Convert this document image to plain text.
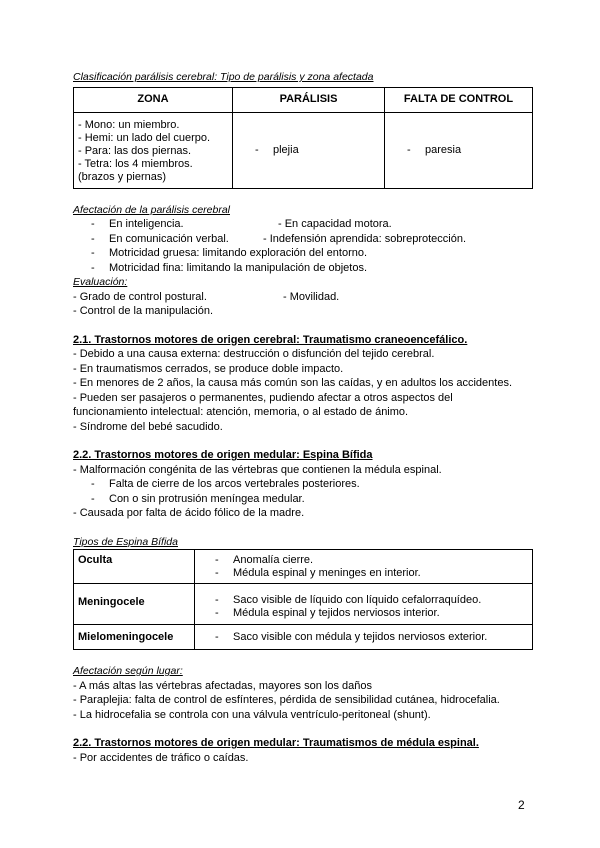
Clasificación parálisis cerebral: Tipo de parálisis y zona afectada

ZONA	PARÁLISIS	FALTA DE CONTROL

- Mono: un miembro.
- Hemi: un lado del cuerpo.
- Para: las dos piernas.
- Tetra: los 4 miembros.
(brazos y piernas)	- plejia	- paresia

Afectación de la parálisis cerebral

- En inteligencia.	- En capacidad motora.
- En comunicación verbal.	- Indefensión aprendida: sobreprotección.
- Motricidad gruesa: limitando exploración del entorno.
- Motricidad fina: limitando la manipulación de objetos.

Evaluación:

- Grado de control postural.	- Movilidad.
- Control de la manipulación.

2.1. Trastornos motores de origen cerebral: Traumatismo craneoencefálico.

- Debido a una causa externa: destrucción o disfunción del tejido cerebral.

- En traumatismos cerrados, se produce doble impacto.

- En menores de 2 años, la causa más común son las caídas, y en adultos los accidentes.

- Pueden ser pasajeros o permanentes, pudiendo afectar a otros aspectos del

funcionamiento intelectual: atención, memoria, o al estado de ánimo.

- Síndrome del bebé sacudido.

2.2. Trastornos motores de origen medular: Espina Bífida

- Malformación congénita de las vértebras que contienen la médula espinal.

- Falta de cierre de los arcos vertebrales posteriores.
- Con o sin protrusión meníngea medular.

- Causada por falta de ácido fólico de la madre.

Tipos de Espina Bífida

Oculta	- Anomalía cierre.
- Médula espinal y meninges en interior.

Meningocele	- Saco visible de líquido con líquido cefalorraquídeo.
- Médula espinal y tejidos nerviosos interior.

Mielomeningocele	- Saco visible con médula y tejidos nerviosos exterior.

Afectación según lugar:

- A más altas las vértebras afectadas, mayores son los daños

- Paraplejia: falta de control de esfínteres, pérdida de sensibilidad cutánea, hidrocefalia.

- La hidrocefalia se controla con una válvula ventrículo-peritoneal (shunt).

2.2. Trastornos motores de origen medular: Traumatismos de médula espinal.

- Por accidentes de tráfico o caídas.

2
